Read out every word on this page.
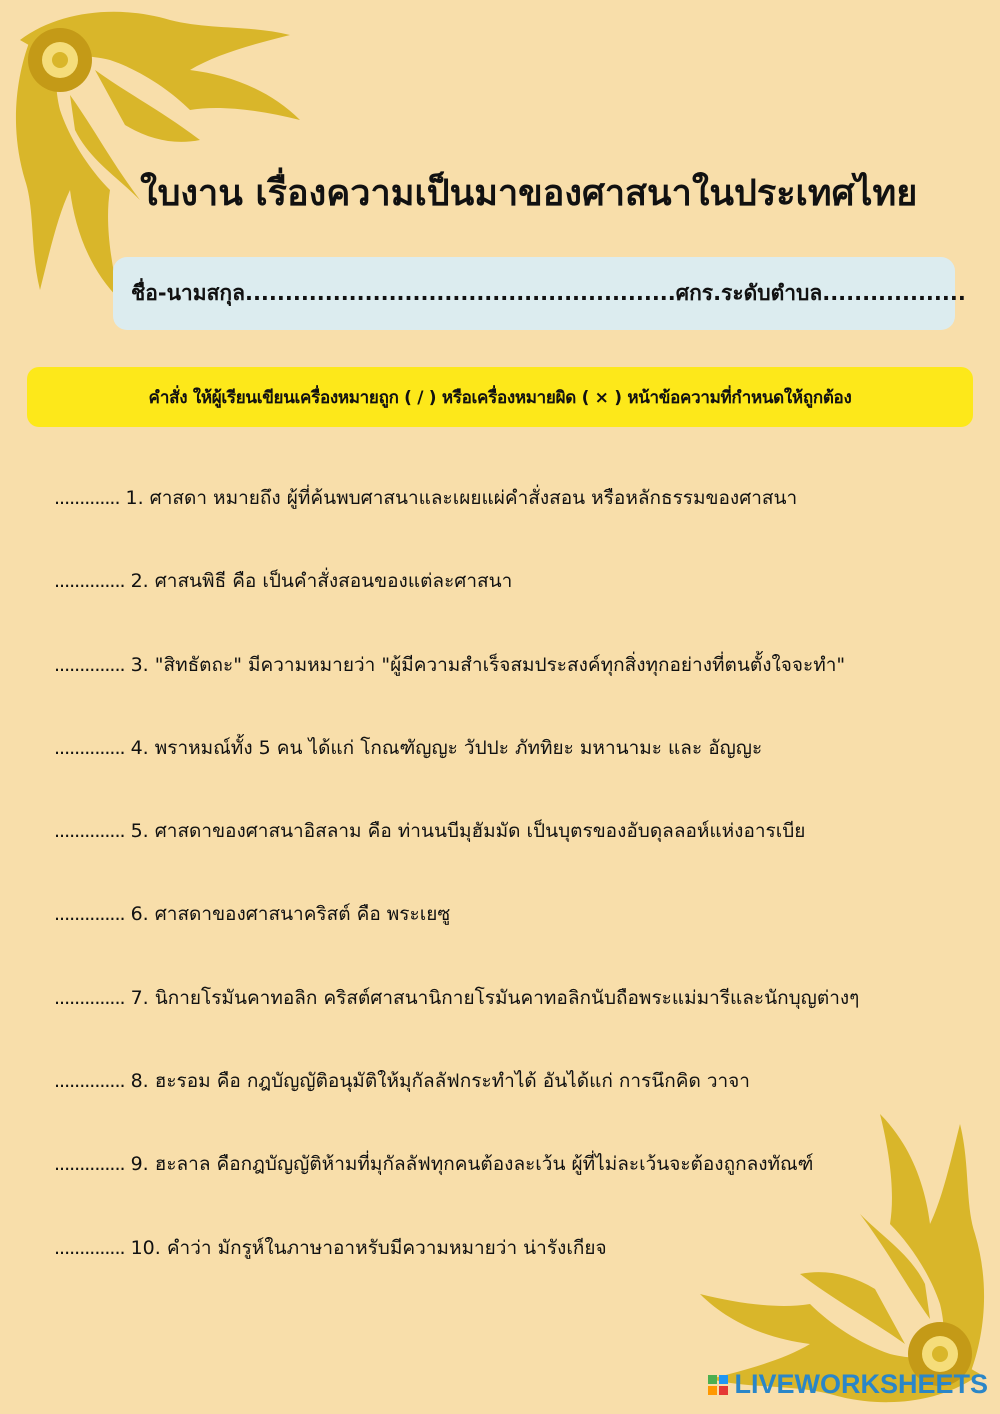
ใบงาน เรื่องความเป็นมาของศาสนาในประเทศไทย
ชื่อ-นามสกุล......................................................ศกร.ระดับตำบล..................
คำสั่ง ให้ผู้เรียนเขียนเครื่องหมายถูก ( / ) หรือเครื่องหมายผิด ( × ) หน้าข้อความที่กำหนดให้ถูกต้อง
............. 1. ศาสดา หมายถึง ผู้ที่ค้นพบศาสนาและเผยแผ่คำสั่งสอน หรือหลักธรรมของศาสนา
.............. 2. ศาสนพิธี คือ เป็นคำสั่งสอนของแต่ละศาสนา
.............. 3. "สิทธัตถะ" มีความหมายว่า "ผู้มีความสำเร็จสมประสงค์ทุกสิ่งทุกอย่างที่ตนตั้งใจจะทำ"
.............. 4. พราหมณ์ทั้ง 5 คน ได้แก่ โกณฑัญญะ วัปปะ ภัททิยะ มหานามะ และ อัญญะ
.............. 5. ศาสดาของศาสนาอิสลาม คือ ท่านนบีมุฮัมมัด เป็นบุตรของอับดุลลอห์แห่งอารเบีย
.............. 6. ศาสดาของศาสนาคริสต์ คือ พระเยซู
.............. 7. นิกายโรมันคาทอลิก คริสต์ศาสนานิกายโรมันคาทอลิกนับถือพระแม่มารีและนักบุญต่างๆ
.............. 8. ฮะรอม คือ กฎบัญญัติอนุมัติให้มุกัลลัฟกระทำได้ อันได้แก่ การนึกคิด วาจา
.............. 9. ฮะลาล คือกฎบัญญัติห้ามที่มุกัลลัฟทุกคนต้องละเว้น ผู้ที่ไม่ละเว้นจะต้องถูกลงทัณฑ์
.............. 10. คำว่า มักรูห์ในภาษาอาหรับมีความหมายว่า น่ารังเกียจ
LIVEWORKSHEETS
